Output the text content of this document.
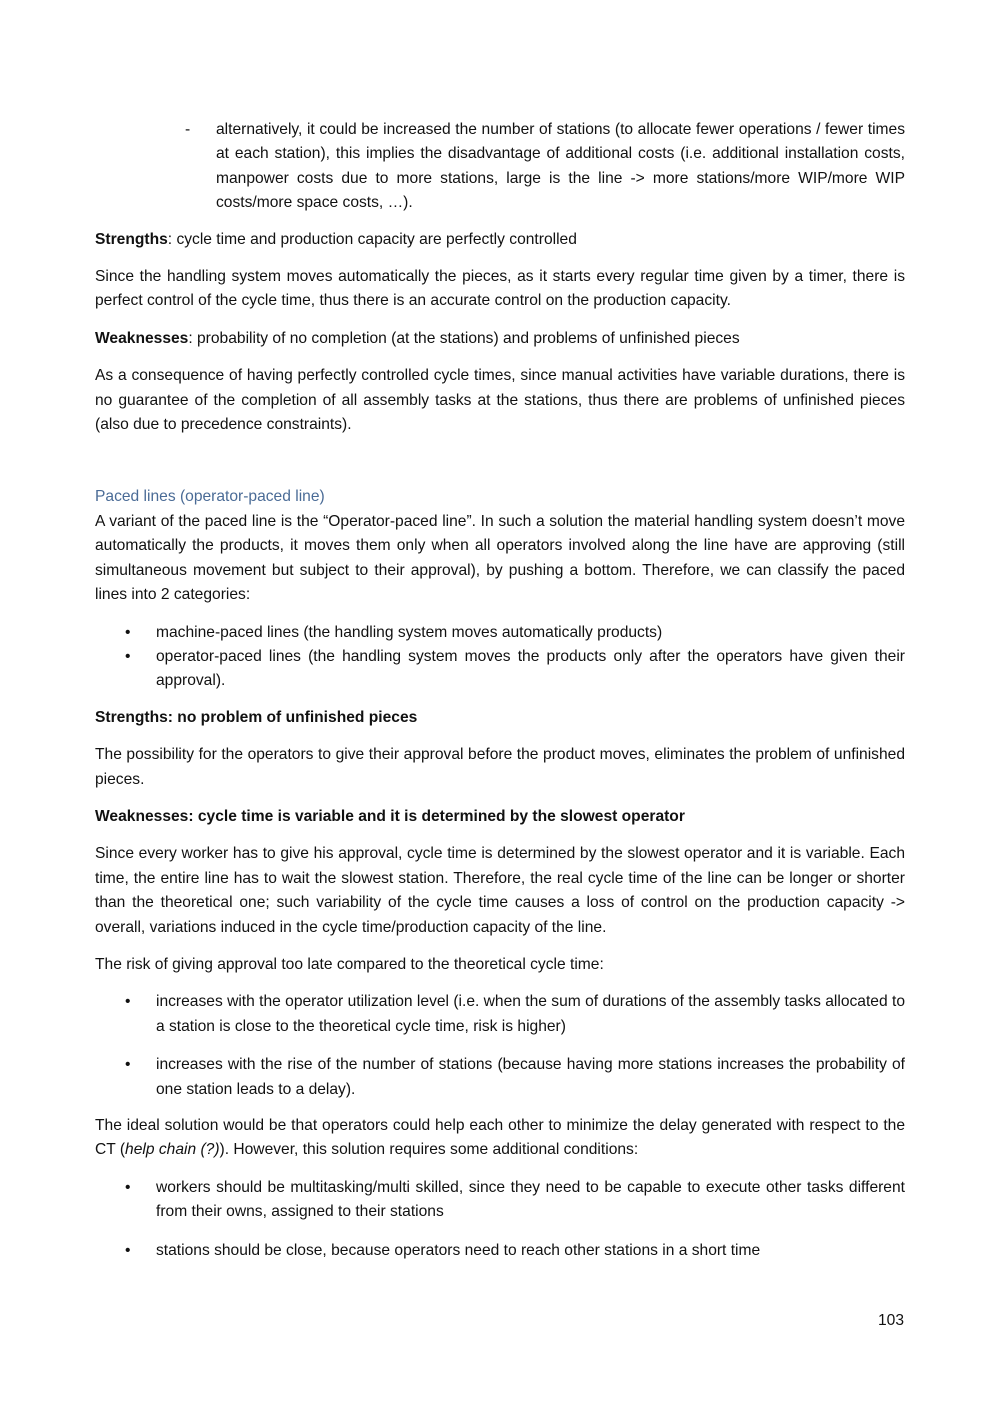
- alternatively, it could be increased the number of stations (to allocate fewer operations / fewer times at each station), this implies the disadvantage of additional costs (i.e. additional installation costs, manpower costs due to more stations, large is the line -> more stations/more WIP/more WIP costs/more space costs, …).

Strengths: cycle time and production capacity are perfectly controlled

Since the handling system moves automatically the pieces, as it starts every regular time given by a timer, there is perfect control of the cycle time, thus there is an accurate control on the production capacity.

Weaknesses: probability of no completion (at the stations) and problems of unfinished pieces

As a consequence of having perfectly controlled cycle times, since manual activities have variable durations, there is no guarantee of the completion of all assembly tasks at the stations, thus there are problems of unfinished pieces (also due to precedence constraints).

Paced lines (operator-paced line)

A variant of the paced line is the “Operator-paced line”. In such a solution the material handling system doesn’t move automatically the products, it moves them only when all operators involved along the line have are approving (still simultaneous movement but subject to their approval), by pushing a bottom. Therefore, we can classify the paced lines into 2 categories:

• machine-paced lines (the handling system moves automatically products)
• operator-paced lines (the handling system moves the products only after the operators have given their approval).

Strengths: no problem of unfinished pieces

The possibility for the operators to give their approval before the product moves, eliminates the problem of unfinished pieces.

Weaknesses: cycle time is variable and it is determined by the slowest operator

Since every worker has to give his approval, cycle time is determined by the slowest operator and it is variable. Each time, the entire line has to wait the slowest station. Therefore, the real cycle time of the line can be longer or shorter than the theoretical one; such variability of the cycle time causes a loss of control on the production capacity -> overall, variations induced in the cycle time/production capacity of the line.

The risk of giving approval too late compared to the theoretical cycle time:

• increases with the operator utilization level (i.e. when the sum of durations of the assembly tasks allocated to a station is close to the theoretical cycle time, risk is higher)
• increases with the rise of the number of stations (because having more stations increases the probability of one station leads to a delay).

The ideal solution would be that operators could help each other to minimize the delay generated with respect to the CT (help chain (?)). However, this solution requires some additional conditions:

• workers should be multitasking/multi skilled, since they need to be capable to execute other tasks different from their owns, assigned to their stations
• stations should be close, because operators need to reach other stations in a short time
103
